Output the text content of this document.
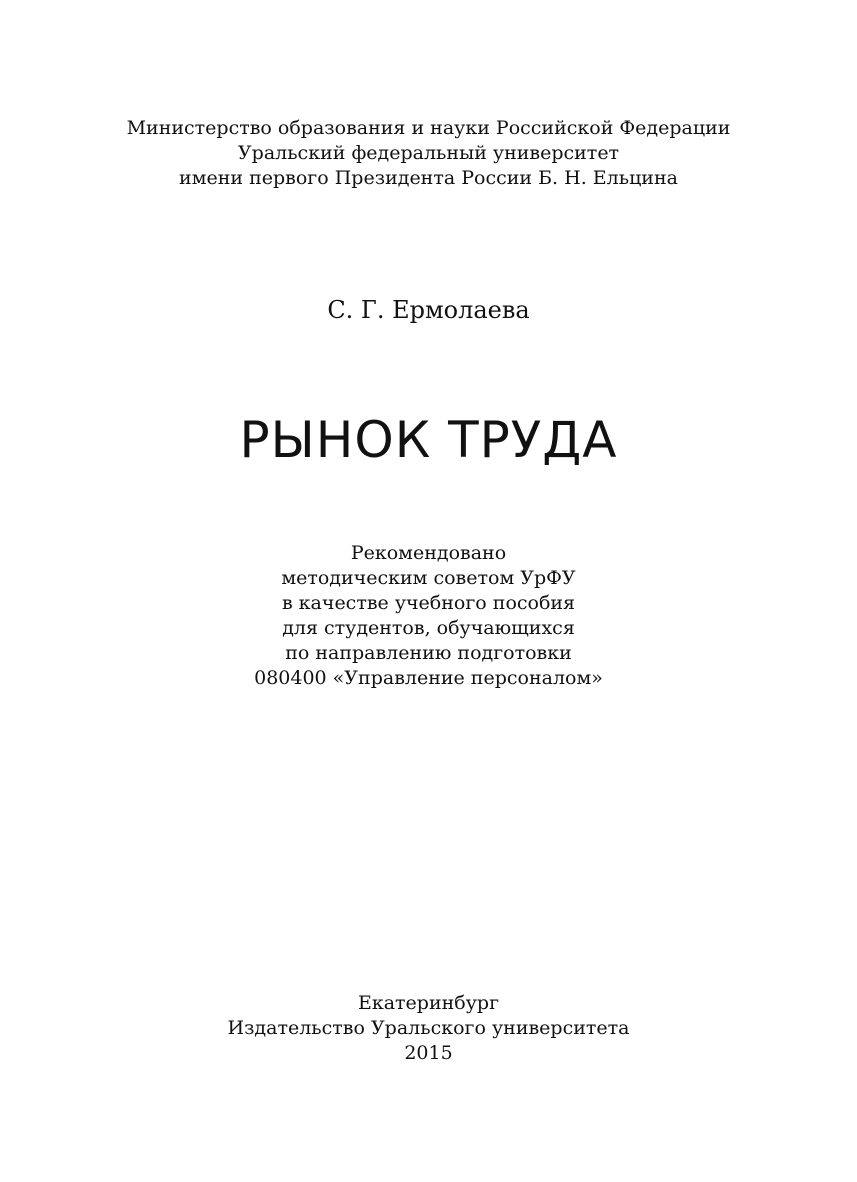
Министерство образования и науки Российской Федерации
Уральский федеральный университет
имени первого Президента России Б. Н. Ельцина
С. Г. Ермолаева
РЫНОК ТРУДА
Рекомендовано
методическим советом УрФУ
в качестве учебного пособия
для студентов, обучающихся
по направлению подготовки
080400 «Управление персоналом»
Екатеринбург
Издательство Уральского университета
2015
